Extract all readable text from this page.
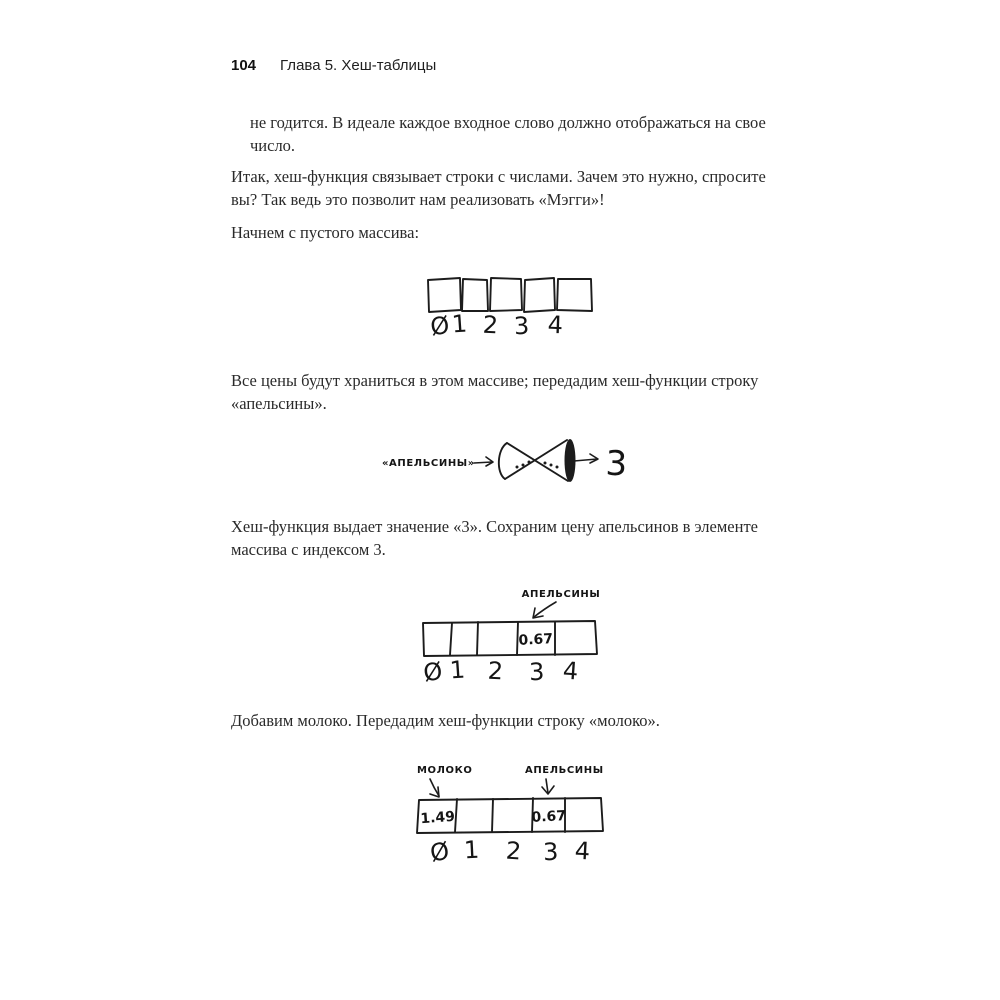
104 Глава 5. Хеш-таблицы

не годится. В идеале каждое входное слово должно отображаться на свое число.

Итак, хеш-функция связывает строки с числами. Зачем это нужно, спросите вы? Так ведь это позволит нам реализовать «Мэгги»!

Начнем с пустого массива:

Ø 1 2 3 4

Все цены будут храниться в этом массиве; передадим хеш-функции строку «апельсины».

«АПЕЛЬСИНЫ»	3

Хеш-функция выдает значение «3». Сохраним цену апельсинов в элементе массива с индексом 3.

АПЕЛЬСИНЫ
0.67
Ø 1 2 3 4

Добавим молоко. Передадим хеш-функции строку «молоко».

МОЛОКО	АПЕЛЬСИНЫ
1.49	0.67
Ø 1 2 3 4
